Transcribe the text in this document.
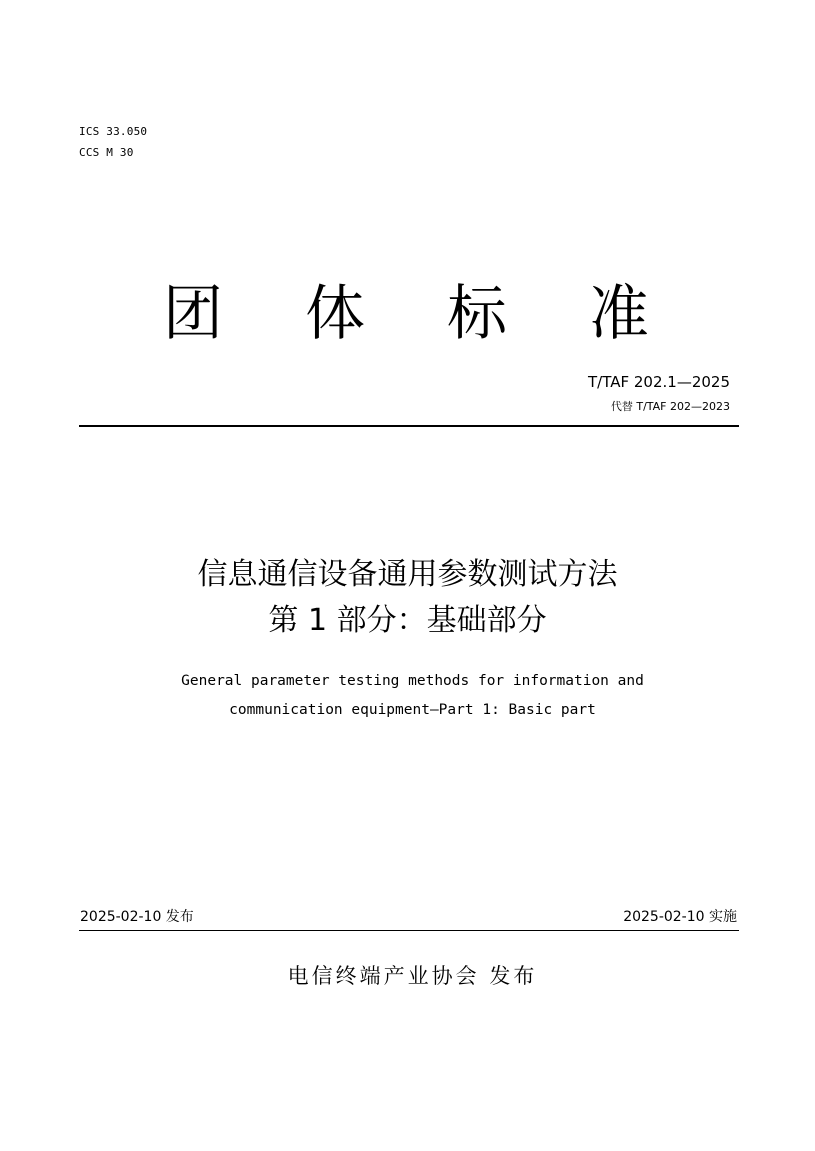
ICS 33.050
CCS M 30
团 体 标 准
T/TAF 202.1—2025
代替 T/TAF 202—2023
信息通信设备通用参数测试方法
第 1 部分：基础部分
General parameter testing methods for information and
communication equipment—Part 1: Basic part
2025-02-10 发布	2025-02-10 实施
电信终端产业协会 发布
